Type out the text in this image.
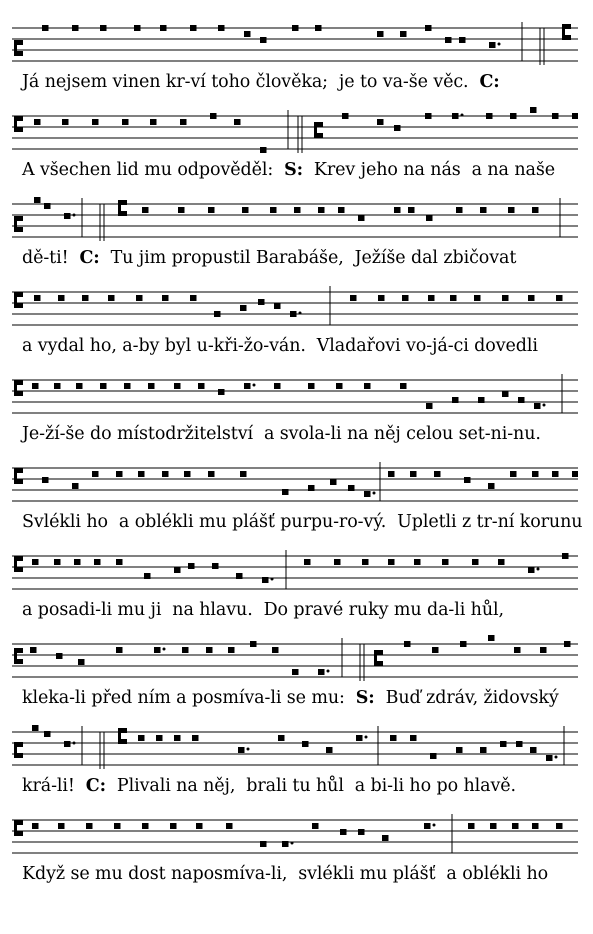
Já nejsem vinen kr-ví toho člověka;  je to va-še věc.  C:
A všechen lid mu odpověděl:  S:  Krev jeho na nás  a na naše
dě-ti!  C:  Tu jim propustil Barabáše,  Ježíše dal zbičovat
a vydal ho, a-by byl u-kři-žo-ván.  Vladařovi vo-já-ci dovedli
Je-ží-še do místodržitelství  a svola-li na něj celou set-ni-nu.
Svlékli ho  a oblékli mu plášť purpu-ro-vý.  Upletli z tr-ní korunu
a posadi-li mu ji  na hlavu.  Do pravé ruky mu da-li hůl,
kleka-li před ním a posmíva-li se mu:  S:  Buď zdráv, židovský
krá-li!  C:  Plivali na něj,  brali tu hůl  a bi-li ho po hlavě.
Když se mu dost naposmíva-li,  svlékli mu plášť  a oblékli ho
